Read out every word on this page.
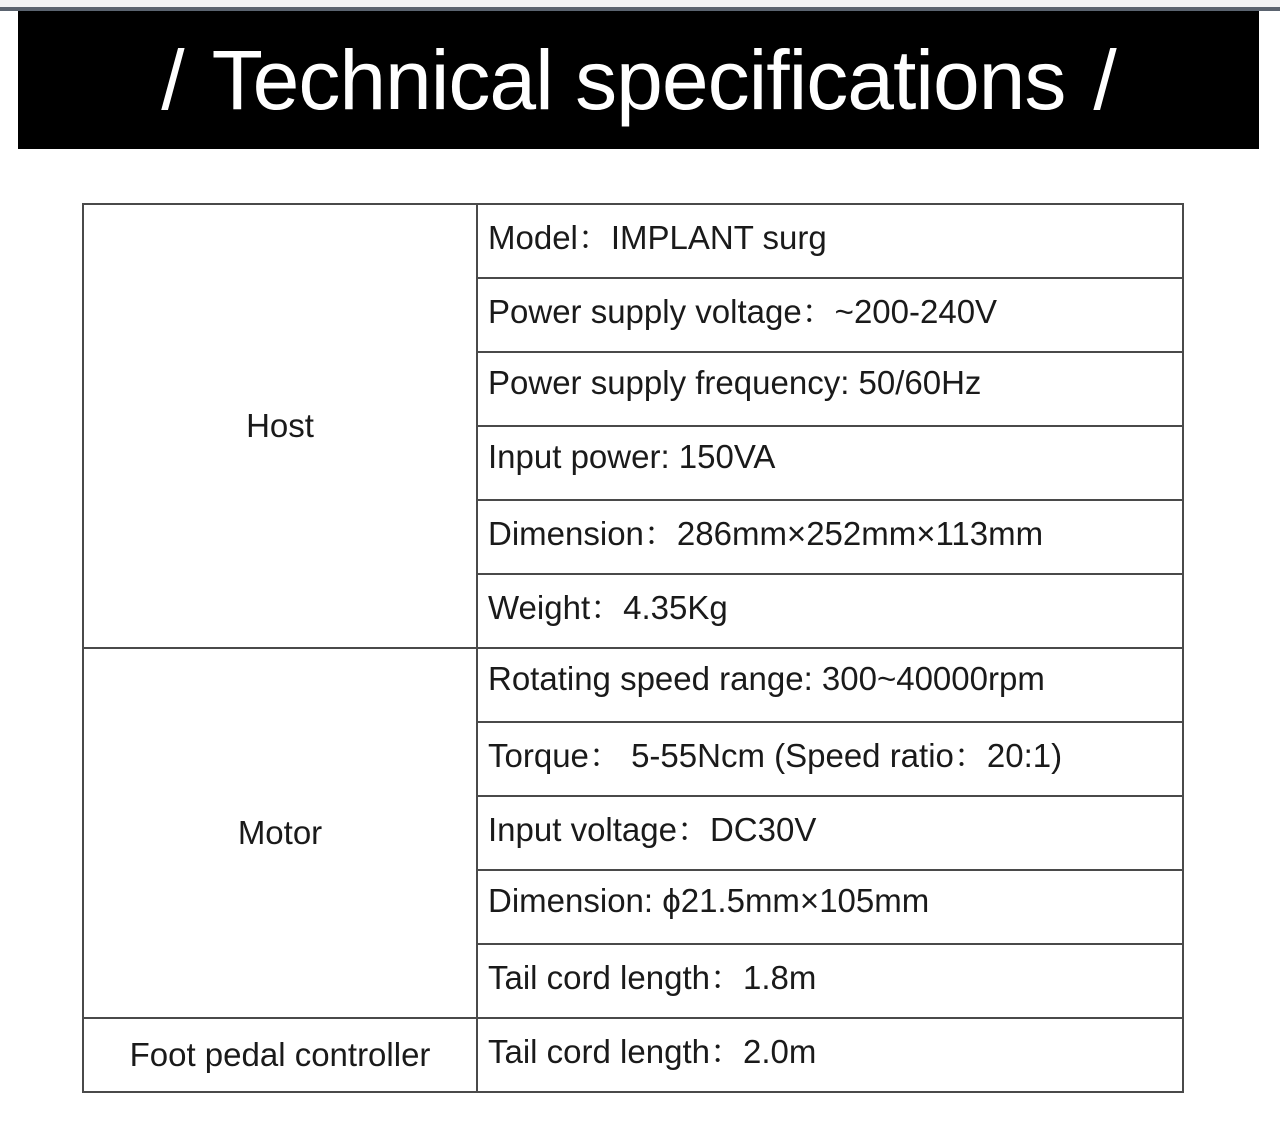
/ Technical specifications /
Host	Model：IMPLANT surg
	Power supply voltage：~200-240V
	Power supply frequency: 50/60Hz
	Input power: 150VA
	Dimension：286mm×252mm×113mm
	Weight：4.35Kg
Motor	Rotating speed range: 300~40000rpm
	Torque： 5-55Ncm (Speed ratio：20:1)
	Input voltage：DC30V
	Dimension: ϕ21.5mm×105mm
	Tail cord length：1.8m
Foot pedal controller	Tail cord length：2.0m
